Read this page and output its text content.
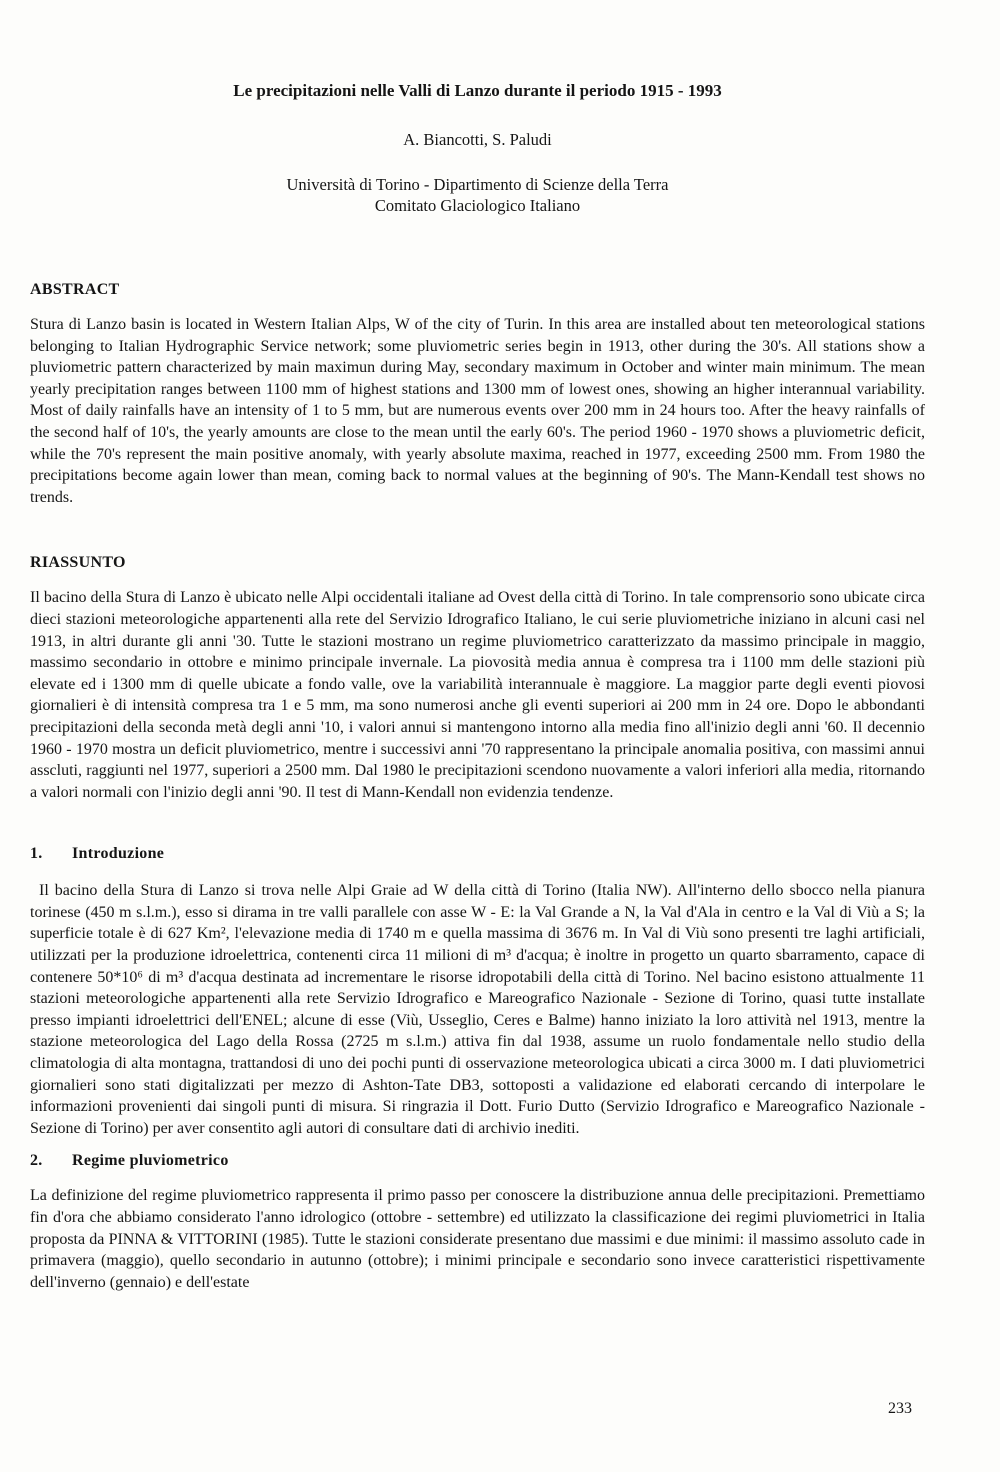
Le precipitazioni nelle Valli di Lanzo durante il periodo 1915 - 1993
A. Biancotti, S. Paludi
Università di Torino - Dipartimento di Scienze della Terra
Comitato Glaciologico Italiano
ABSTRACT

Stura di Lanzo basin is located in Western Italian Alps, W of the city of Turin. In this area are installed about ten meteorological stations belonging to Italian Hydrographic Service network; some pluviometric series begin in 1913, other during the 30's. All stations show a pluviometric pattern characterized by main maximun during May, secondary maximum in October and winter main minimum. The mean yearly precipitation ranges between 1100 mm of highest stations and 1300 mm of lowest ones, showing an higher interannual variability. Most of daily rainfalls have an intensity of 1 to 5 mm, but are numerous events over 200 mm in 24 hours too. After the heavy rainfalls of the second half of 10's, the yearly amounts are close to the mean until the early 60's. The period 1960 - 1970 shows a pluviometric deficit, while the 70's represent the main positive anomaly, with yearly absolute maxima, reached in 1977, exceeding 2500 mm. From 1980 the precipitations become again lower than mean, coming back to normal values at the beginning of 90's. The Mann-Kendall test shows no trends.

RIASSUNTO

Il bacino della Stura di Lanzo è ubicato nelle Alpi occidentali italiane ad Ovest della città di Torino. In tale comprensorio sono ubicate circa dieci stazioni meteorologiche appartenenti alla rete del Servizio Idrografico Italiano, le cui serie pluviometriche iniziano in alcuni casi nel 1913, in altri durante gli anni '30. Tutte le stazioni mostrano un regime pluviometrico caratterizzato da massimo principale in maggio, massimo secondario in ottobre e minimo principale invernale. La piovosità media annua è compresa tra i 1100 mm delle stazioni più elevate ed i 1300 mm di quelle ubicate a fondo valle, ove la variabilità interannuale è maggiore. La maggior parte degli eventi piovosi giornalieri è di intensità compresa tra 1 e 5 mm, ma sono numerosi anche gli eventi superiori ai 200 mm in 24 ore. Dopo le abbondanti precipitazioni della seconda metà degli anni '10, i valori annui si mantengono intorno alla media fino all'inizio degli anni '60. Il decennio 1960 - 1970 mostra un deficit pluviometrico, mentre i successivi anni '70 rappresentano la principale anomalia positiva, con massimi annui asscluti, raggiunti nel 1977, superiori a 2500 mm. Dal 1980 le precipitazioni scendono nuovamente a valori inferiori alla media, ritornando a valori normali con l'inizio degli anni '90. Il test di Mann-Kendall non evidenzia tendenze.

1. Introduzione

Il bacino della Stura di Lanzo si trova nelle Alpi Graie ad W della città di Torino (Italia NW). All'interno dello sbocco nella pianura torinese (450 m s.l.m.), esso si dirama in tre valli parallele con asse W - E: la Val Grande a N, la Val d'Ala in centro e la Val di Viù a S; la superficie totale è di 627 Km², l'elevazione media di 1740 m e quella massima di 3676 m. In Val di Viù sono presenti tre laghi artificiali, utilizzati per la produzione idroelettrica, contenenti circa 11 milioni di m³ d'acqua; è inoltre in progetto un quarto sbarramento, capace di contenere 50*10⁶ di m³ d'acqua destinata ad incrementare le risorse idropotabili della città di Torino. Nel bacino esistono attualmente 11 stazioni meteorologiche appartenenti alla rete Servizio Idrografico e Mareografico Nazionale - Sezione di Torino, quasi tutte installate presso impianti idroelettrici dell'ENEL; alcune di esse (Viù, Usseglio, Ceres e Balme) hanno iniziato la loro attività nel 1913, mentre la stazione meteorologica del Lago della Rossa (2725 m s.l.m.) attiva fin dal 1938, assume un ruolo fondamentale nello studio della climatologia di alta montagna, trattandosi di uno dei pochi punti di osservazione meteorologica ubicati a circa 3000 m. I dati pluviometrici giornalieri sono stati digitalizzati per mezzo di Ashton-Tate DB3, sottoposti a validazione ed elaborati cercando di interpolare le informazioni provenienti dai singoli punti di misura. Si ringrazia il Dott. Furio Dutto (Servizio Idrografico e Mareografico Nazionale - Sezione di Torino) per aver consentito agli autori di consultare dati di archivio inediti.

2. Regime pluviometrico

La definizione del regime pluviometrico rappresenta il primo passo per conoscere la distribuzione annua delle precipitazioni. Premettiamo fin d'ora che abbiamo considerato l'anno idrologico (ottobre - settembre) ed utilizzato la classificazione dei regimi pluviometrici in Italia proposta da PINNA & VITTORINI (1985). Tutte le stazioni considerate presentano due massimi e due minimi: il massimo assoluto cade in primavera (maggio), quello secondario in autunno (ottobre); i minimi principale e secondario sono invece caratteristici rispettivamente dell'inverno (gennaio) e dell'estate

233
